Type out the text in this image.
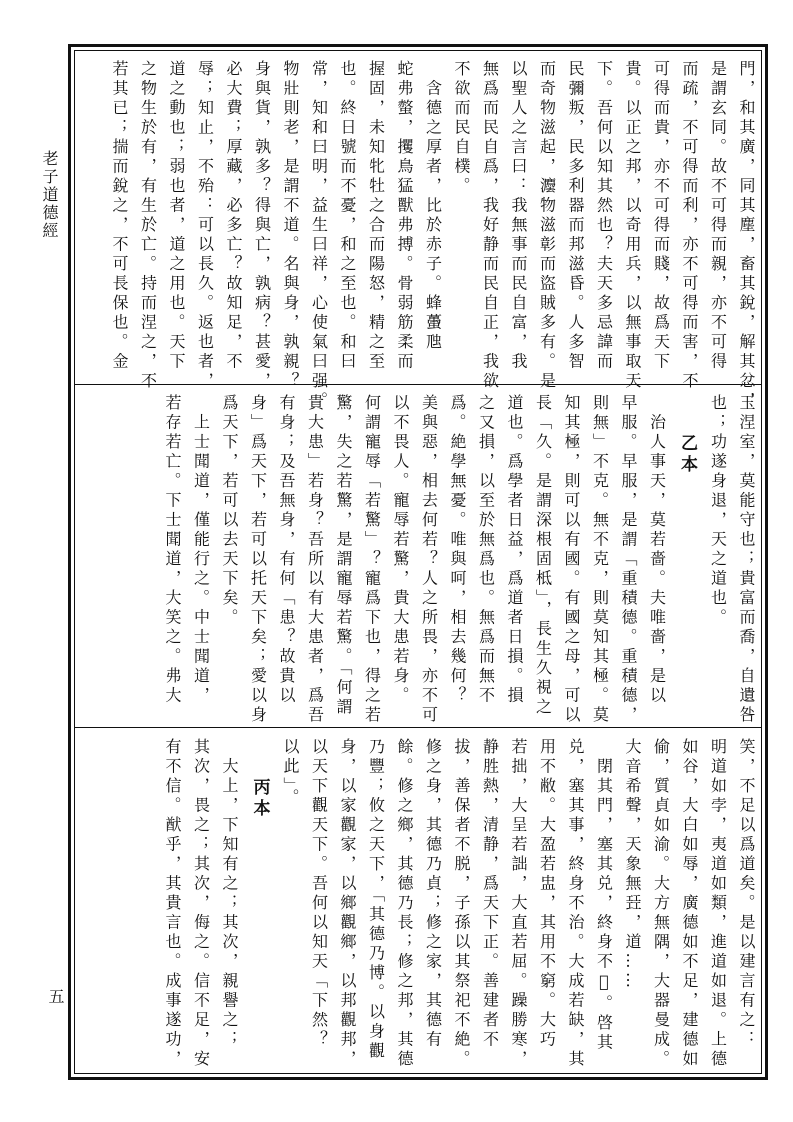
老子道德經
五
門，和其廣，同其塵，畜其銳，解其忿，
是謂玄同。故不可得而親，亦不可得
而疏，不可得而利，亦不可得而害，不
可得而貴，亦不可得而賤，故爲天下
貴。以正之邦，以奇用兵，以無事取天
下。吾何以知其然也？夫天多忌諱而
民彌叛，民多利器而邦滋昏。人多智
而奇物滋起，灋物滋彰而盜賊多有。是
以聖人之言曰：我無事而民自富，我
無爲而民自爲，我好静而民自正，我欲
不欲而民自樸。
　含德之厚者，比於赤子。蜂蠆虺
蛇弗螫，攫鳥猛獸弗搏。骨弱筋柔而
握固，未知牝牡之合而陽怒，精之至
也。終日號而不憂，和之至也。和曰
常，知和曰明，益生曰祥，心使氣曰强。
物壯則老，是謂不道。名與身，孰親？
身與貨，孰多？得與亡，孰病？甚愛，
必大費；厚藏，必多亡？故知足，不
辱；知止，不殆：可以長久。返也者，
道之動也；弱也者，道之用也。天下
之物生於有，有生於亡。持而涅之，不
若其已；揣而銳之，不可長保也。金
玉涅室，莫能守也；貴富而喬，自遺咎
也；功遂身退，天之道也。
乙本
　治人事天，莫若嗇。夫唯嗇，是以
早服。早服，是謂「重積德。重積德，
則無」不克。無不克，則莫知其極。莫
知其極，則可以有國。有國之母，可以
長「久。是謂深根固柢」，長生久視之
道也。爲學者日益，爲道者日損。損
之又損，以至於無爲也。無爲而無不
爲。絶學無憂。唯與呵，相去幾何？
美與惡，相去何若？人之所畏，亦不可
以不畏人。寵辱若驚，貴大患若身。
何謂寵辱「若驚」？寵爲下也，得之若
驚，失之若驚，是謂寵辱若驚。「何謂
貴大患」若身？吾所以有大患者，爲吾
有身；及吾無身，有何「患？故貴以
身」爲天下，若可以托天下矣；愛以身
爲天下，若可以去天下矣。
　上士聞道，僅能行之。中士聞道，
若存若亡。下士聞道，大笑之。弗大
笑，不足以爲道矣。是以建言有之：
明道如孛，夷道如類，進道如退。上德
如谷，大白如辱，廣德如不足，建德如
偷，質貞如渝。大方無隅，大器曼成。
大音希聲，天象無㠭，道……
　閉其門，塞其兑，終身不𤻪。啓其
兑，塞其事，終身不治。大成若缺，其
用不敝。大盈若盅，其用不窮。大巧
若拙，大呈若詘，大直若屈。躁勝寒，
静胜熱，清静，爲天下正。善建者不
拔，善保者不脱，子孫以其祭祀不絶。
修之身，其德乃貞；修之家，其德有
餘。修之鄉，其德乃長；修之邦，其德
乃豐；攸之天下，「其德乃博。以身觀
身，以家觀家，以鄉觀鄉，以邦觀邦，
以天下觀天下。吾何以知天「下然？
以此」。
丙本
　大上，下知有之；其次，親譽之；
其次，畏之；其次，侮之。信不足，安
有不信。猷乎，其貴言也。成事遂功，
